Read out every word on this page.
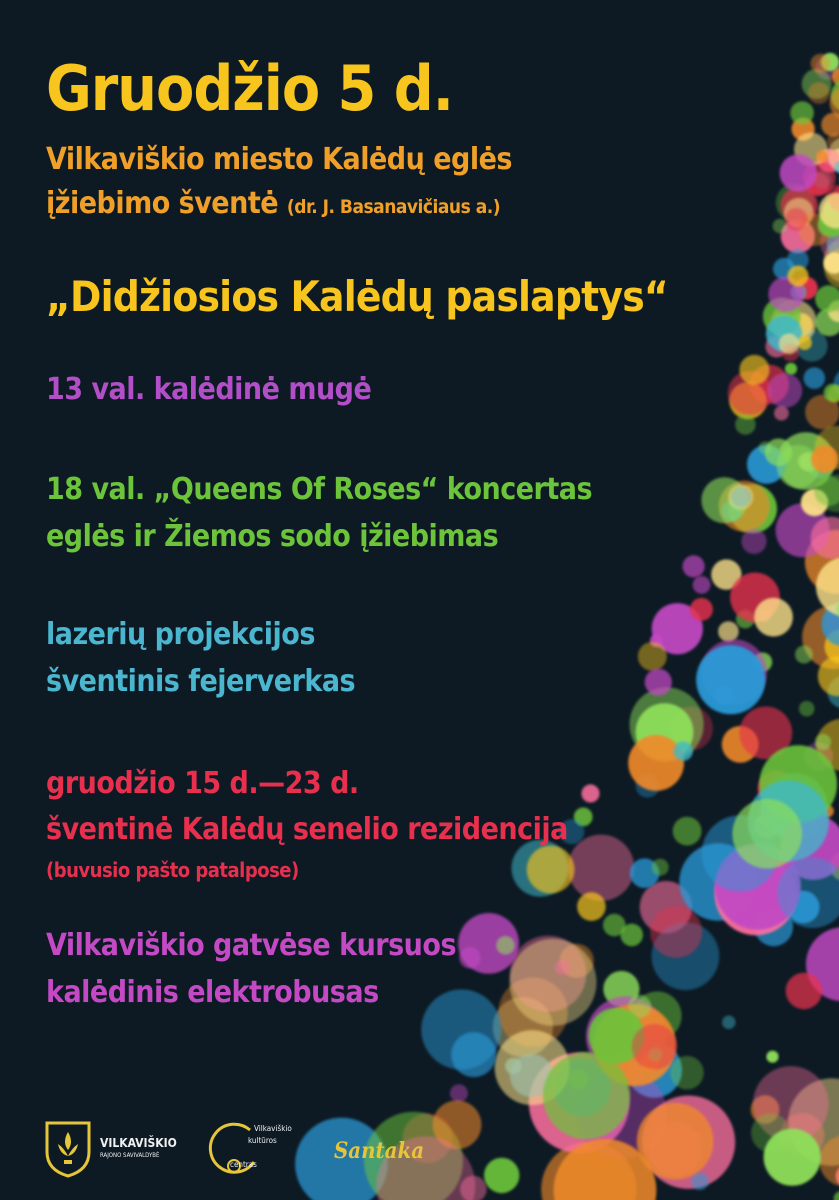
Gruodžio 5 d.
Vilkaviškio miesto Kalėdų eglės
įžiebimo šventė (dr. J. Basanavičiaus a.)
„Didžiosios Kalėdų paslaptys“
13 val. kalėdinė mugė
18 val. „Queens Of Roses“ koncertas
eglės ir Žiemos sodo įžiebimas
lazerių projekcijos
šventinis fejerverkas
gruodžio 15 d.—23 d.
šventinė Kalėdų senelio rezidencija
(buvusio pašto patalpose)
Vilkaviškio gatvėse kursuos
kalėdinis elektrobusas
VILKAVIŠKIO
RAJONO SAVIVALDYBĖ
Vilkaviškio
kultūros
centras
Santaka
